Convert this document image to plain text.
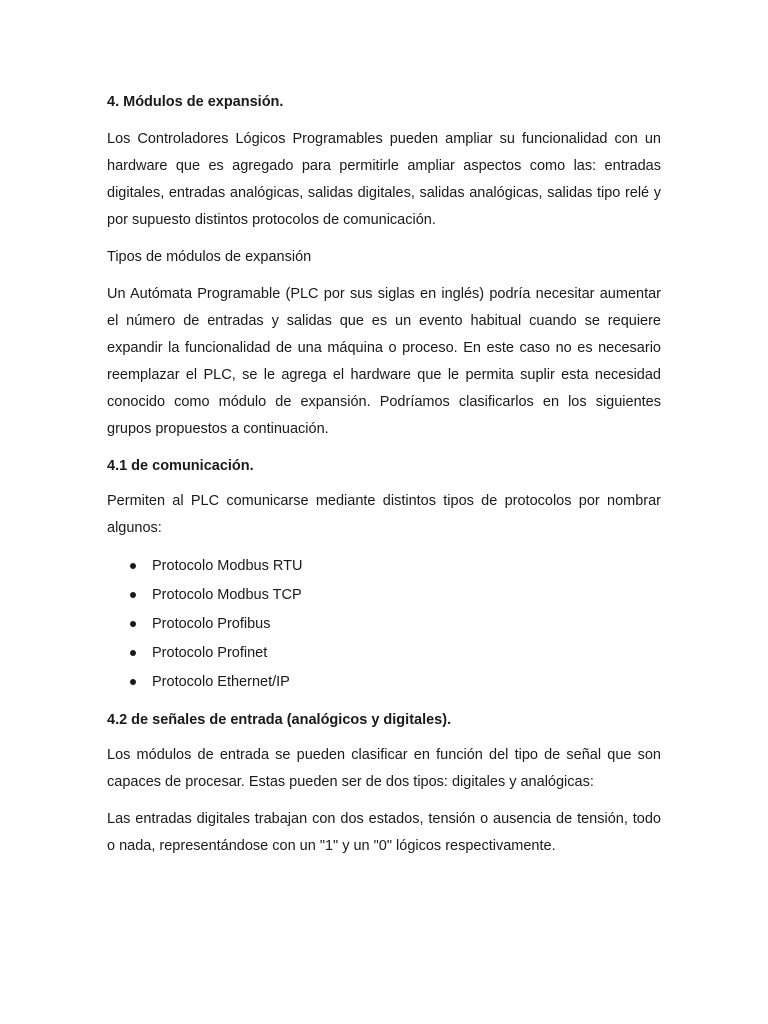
4. Módulos de expansión.

Los Controladores Lógicos Programables pueden ampliar su funcionalidad con un hardware que es agregado para permitirle ampliar aspectos como las: entradas digitales, entradas analógicas, salidas digitales, salidas analógicas, salidas tipo relé y por supuesto distintos protocolos de comunicación.

Tipos de módulos de expansión

Un Autómata Programable (PLC por sus siglas en inglés) podría necesitar aumentar el número de entradas y salidas que es un evento habitual cuando se requiere expandir la funcionalidad de una máquina o proceso. En este caso no es necesario reemplazar el PLC, se le agrega el hardware que le permita suplir esta necesidad conocido como módulo de expansión. Podríamos clasificarlos en los siguientes grupos propuestos a continuación.

4.1 de comunicación.

Permiten al PLC comunicarse mediante distintos tipos de protocolos por nombrar algunos:

Protocolo Modbus RTU
Protocolo Modbus TCP
Protocolo Profibus
Protocolo Profinet
Protocolo Ethernet/IP
4.2 de señales de entrada (analógicos y digitales).

Los módulos de entrada se pueden clasificar en función del tipo de señal que son capaces de procesar. Estas pueden ser de dos tipos: digitales y analógicas:

Las entradas digitales trabajan con dos estados, tensión o ausencia de tensión, todo o nada, representándose con un "1" y un "0" lógicos respectivamente.
